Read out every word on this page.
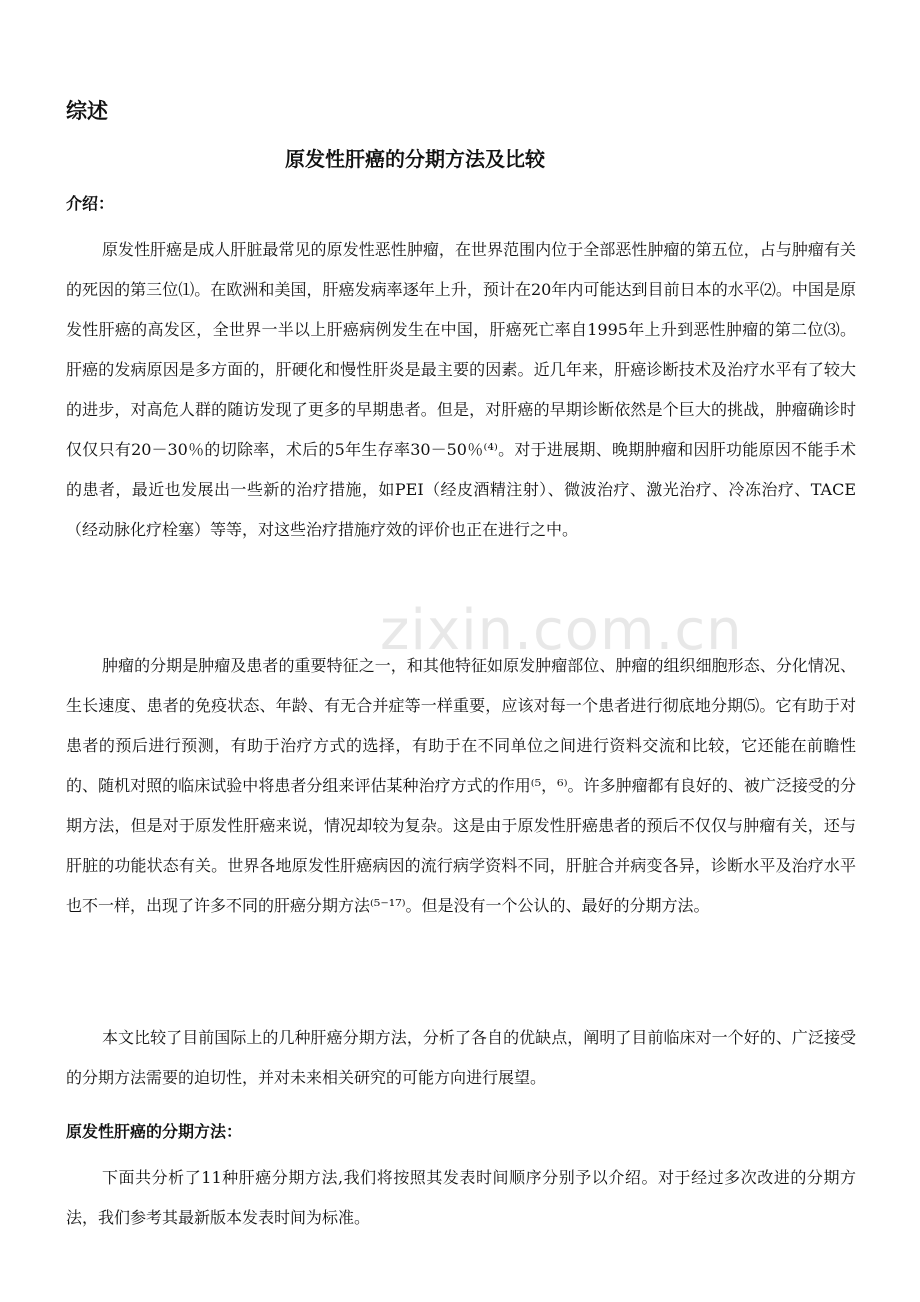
综述
原发性肝癌的分期方法及比较
介绍：

原发性肝癌是成人肝脏最常见的原发性恶性肿瘤，在世界范围内位于全部恶性肿瘤的第五位，占与肿瘤有关的死因的第三位⑴。在欧洲和美国，肝癌发病率逐年上升，预计在20年内可能达到目前日本的水平⑵。中国是原发性肝癌的高发区，全世界一半以上肝癌病例发生在中国，肝癌死亡率自1995年上升到恶性肿瘤的第二位⑶。肝癌的发病原因是多方面的，肝硬化和慢性肝炎是最主要的因素。近几年来，肝癌诊断技术及治疗水平有了较大的进步，对高危人群的随访发现了更多的早期患者。但是，对肝癌的早期诊断依然是个巨大的挑战，肿瘤确诊时仅仅只有20－30％的切除率，术后的5年生存率30－50％⁽⁴⁾。对于进展期、晚期肿瘤和因肝功能原因不能手术的患者，最近也发展出一些新的治疗措施，如PEI（经皮酒精注射）、微波治疗、激光治疗、冷冻治疗、TACE（经动脉化疗栓塞）等等，对这些治疗措施疗效的评价也正在进行之中。

肿瘤的分期是肿瘤及患者的重要特征之一，和其他特征如原发肿瘤部位、肿瘤的组织细胞形态、分化情况、生长速度、患者的免疫状态、年龄、有无合并症等一样重要，应该对每一个患者进行彻底地分期⑸。它有助于对患者的预后进行预测，有助于治疗方式的选择，有助于在不同单位之间进行资料交流和比较，它还能在前瞻性的、随机对照的临床试验中将患者分组来评估某种治疗方式的作用⁽⁵，⁶⁾。许多肿瘤都有良好的、被广泛接受的分期方法，但是对于原发性肝癌来说，情况却较为复杂。这是由于原发性肝癌患者的预后不仅仅与肿瘤有关，还与肝脏的功能状态有关。世界各地原发性肝癌病因的流行病学资料不同，肝脏合并病变各异，诊断水平及治疗水平也不一样，出现了许多不同的肝癌分期方法⁽⁵⁻¹⁷⁾。但是没有一个公认的、最好的分期方法。

本文比较了目前国际上的几种肝癌分期方法，分析了各自的优缺点，阐明了目前临床对一个好的、广泛接受的分期方法需要的迫切性，并对未来相关研究的可能方向进行展望。

原发性肝癌的分期方法：

下面共分析了11种肝癌分期方法,我们将按照其发表时间顺序分别予以介绍。对于经过多次改进的分期方法，我们参考其最新版本发表时间为标准。

zixin.com.cn
